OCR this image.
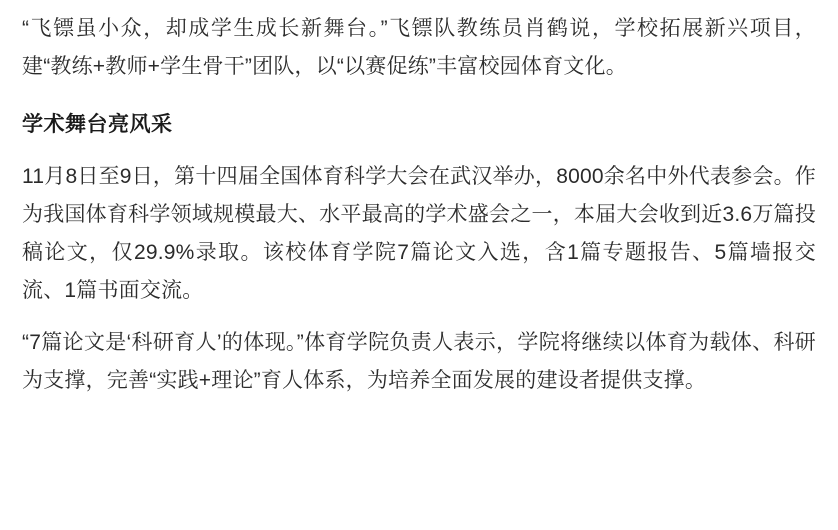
“飞镖虽小众，却成学生成长新舞台。”飞镖队教练员肖鹤说，学校拓展新兴项目，建“教练+教师+学生骨干”团队，以“以赛促练”丰富校园体育文化。

学术舞台亮风采

11月8日至9日，第十四届全国体育科学大会在武汉举办，8000余名中外代表参会。作为我国体育科学领域规模最大、水平最高的学术盛会之一，本届大会收到近3.6万篇投稿论文，仅29.9%录取。该校体育学院7篇论文入选，含1篇专题报告、5篇墙报交流、1篇书面交流。

“7篇论文是‘科研育人’的体现。”体育学院负责人表示，学院将继续以体育为载体、科研为支撑，完善“实践+理论”育人体系，为培养全面发展的建设者提供支撑。
